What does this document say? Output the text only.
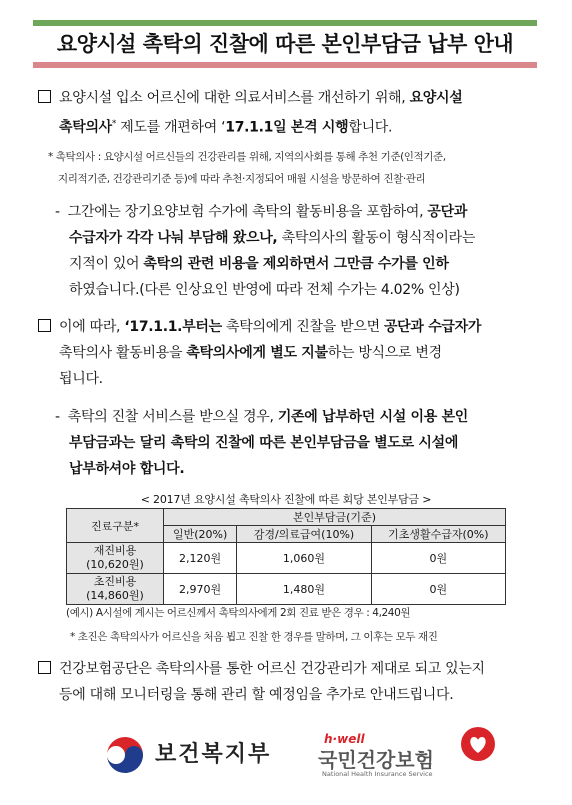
요양시설 촉탁의 진찰에 따른 본인부담금 납부 안내
요양시설 입소 어르신에 대한 의료서비스를 개선하기 위해, 요양시설
촉탁의사* 제도를 개편하여 ‘17.1.1일 본격 시행합니다.
* 촉탁의사 : 요양시설 어르신들의 건강관리를 위해, 지역의사회를 통해 추천 기준(인적기준,
지리적기준, 건강관리기준 등)에 따라 추천·지정되어 매월 시설을 방문하여 진찰·관리
- 그간에는 장기요양보험 수가에 촉탁의 활동비용을 포함하여, 공단과
수급자가 각각 나눠 부담해 왔으나, 촉탁의사의 활동이 형식적이라는
지적이 있어 촉탁의 관련 비용을 제외하면서 그만큼 수가를 인하
하였습니다.(다른 인상요인 반영에 따라 전체 수가는 4.02% 인상)
이에 따라, ‘17.1.1.부터는 촉탁의에게 진찰을 받으면 공단과 수급자가
촉탁의사 활동비용을 촉탁의사에게 별도 지불하는 방식으로 변경
됩니다.
- 촉탁의 진찰 서비스를 받으실 경우, 기존에 납부하던 시설 이용 본인
부담금과는 달리 촉탁의 진찰에 따른 본인부담금을 별도로 시설에
납부하셔야 합니다.
< 2017년 요양시설 촉탁의사 진찰에 따른 회당 본인부담금 >
진료구분*	본인부담금(기준)		
	일반(20%)	감경/의료급여(10%)	기초생활수급자(0%)
재진비용
(10,620원)	2,120원	1,060원	0원
초진비용
(14,860원)	2,970원	1,480원	0원
(예시) A시설에 계시는 어르신께서 촉탁의사에게 2회 진료 받은 경우 : 4,240원
* 초진은 촉탁의사가 어르신을 처음 뵙고 진찰 한 경우를 말하며, 그 이후는 모두 재진
건강보험공단은 촉탁의사를 통한 어르신 건강관리가 제대로 되고 있는지
등에 대해 모니터링을 통해 관리 할 예정임을 추가로 안내드립니다.
보건복지부
h·well
국민건강보험
National Health Insurance Service
